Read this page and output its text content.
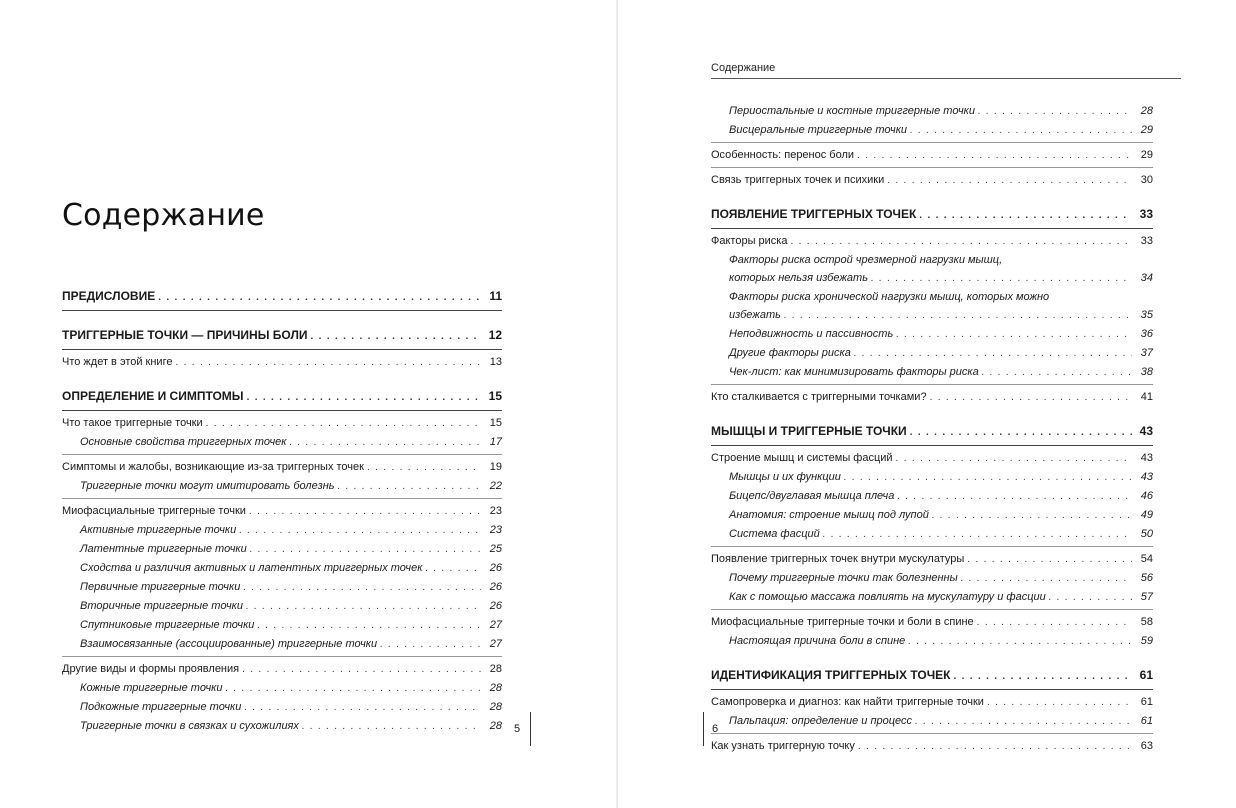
Содержание
ПРЕДИСЛОВИЕ . . .	11
ТРИГГЕРНЫЕ ТОЧКИ — ПРИЧИНЫ БОЛИ . . .	12
Что ждет в этой книге . . .	13
ОПРЕДЕЛЕНИЕ И СИМПТОМЫ . . .	15
Что такое триггерные точки . . .	15
Основные свойства триггерных точек . . .	17
Симптомы и жалобы, возникающие из-за триггерных точек . . .	19
Триггерные точки могут имитировать болезнь . . .	22
Миофасциальные триггерные точки . . .	23
Активные триггерные точки . . .	23
Латентные триггерные точки . . .	25
Сходства и различия активных и латентных триггерных точек . . .	26
Первичные триггерные точки . . .	26
Вторичные триггерные точки . . .	26
Спутниковые триггерные точки . . .	27
Взаимосвязанные (ассоциированные) триггерные точки . . .	27
Другие виды и формы проявления . . .	28
Кожные триггерные точки . . .	28
Подкожные триггерные точки . . .	28
Триггерные точки в связках и сухожилиях . . .	28 5
Содержание
Периостальные и костные триггерные точки . . .	28
Висцеральные триггерные точки . . .	29
Особенность: перенос боли . . .	29
Связь триггерных точек и психики . . .	30
ПОЯВЛЕНИЕ ТРИГГЕРНЫХ ТОЧЕК . . .	33
Факторы риска . . .	33
Факторы риска острой чрезмерной нагрузки мышц,
которых нельзя избежать . . .	34
Факторы риска хронической нагрузки мышц, которых можно
избежать . . .	35
Неподвижность и пассивность . . .	36
Другие факторы риска . . .	37
Чек-лист: как минимизировать факторы риска . . .	38
Кто сталкивается с триггерными точками? . . .	41
МЫШЦЫ И ТРИГГЕРНЫЕ ТОЧКИ . . .	43
Строение мышц и системы фасций . . .	43
Мышцы и их функции . . .	43
Бицепс/двуглавая мышца плеча . . .	46
Анатомия: строение мышц под лупой . . .	49
Система фасций . . .	50
Появление триггерных точек внутри мускулатуры . . .	54
Почему триггерные точки так болезненны . . .	56
Как с помощью массажа повлиять на мускулатуру и фасции . . .	57
Миофасциальные триггерные точки и боли в спине . . .	58
Настоящая причина боли в спине . . .	59
ИДЕНТИФИКАЦИЯ ТРИГГЕРНЫХ ТОЧЕК . . .	61
Самопроверка и диагноз: как найти триггерные точки . . .	61
Пальпация: определение и процесс . . .	61
Как узнать триггерную точку . . .	63
6
